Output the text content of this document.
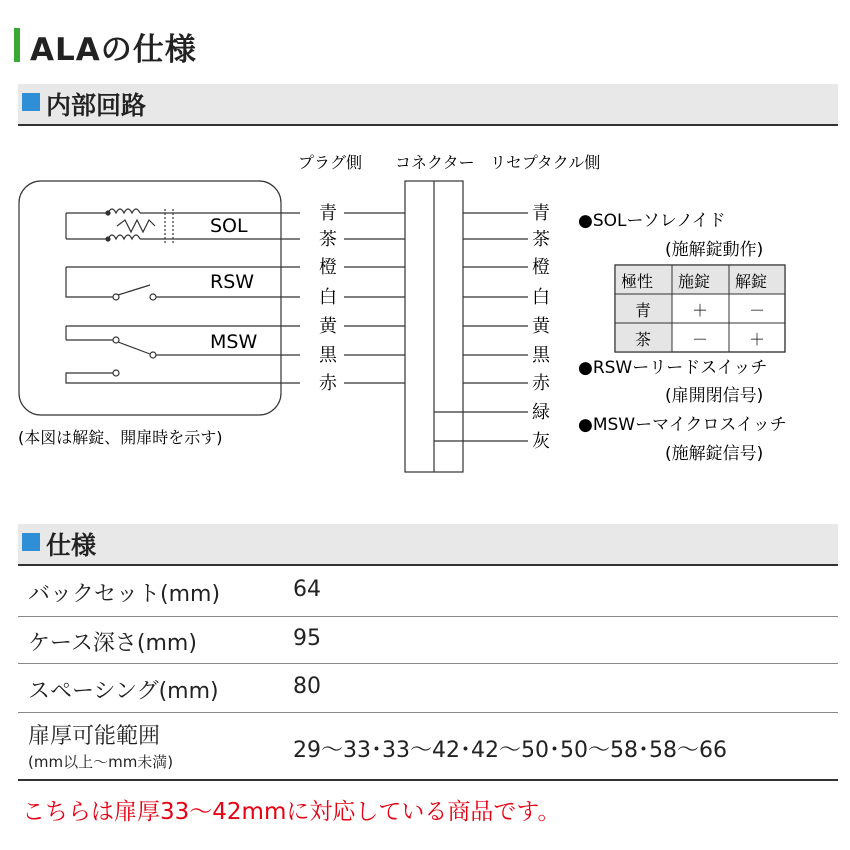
ALAの仕様
内部回路
プラグ側 コネクター リセプタクル側
SOL
RSW
MSW
青
茶
橙
白
黄
黒
赤
青
茶
橙
白
黄
黒
赤
緑
灰
(本図は解錠、開扉時を示す)
●SOLーソレノイド
(施解錠動作)
極性 施錠 解錠
青	＋	－
茶	－	＋
●RSWーリードスイッチ
(扉開閉信号)
●MSWーマイクロスイッチ
(施解錠信号)
仕様
バックセット(mm)	64
ケース深さ(mm)	95
スペーシング(mm)	80
扉厚可能範囲
(mm以上〜mm未満)	29〜33･33〜42･42〜50･50〜58･58〜66
こちらは扉厚33〜42mmに対応している商品です。
